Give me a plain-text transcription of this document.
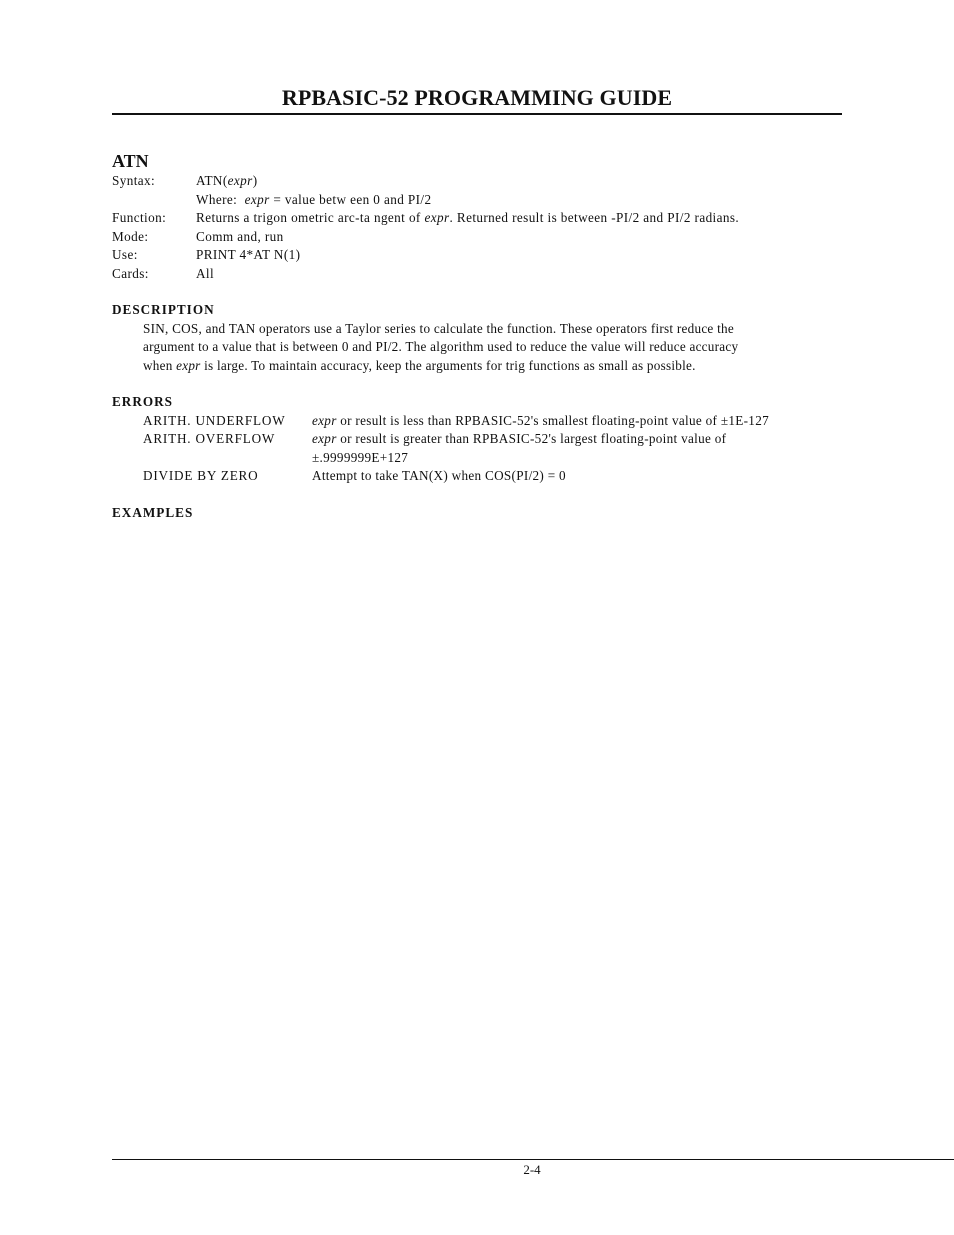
RPBASIC-52 PROGRAMMING GUIDE
ATN
Syntax:	ATN(expr)
Where: expr = value betw een 0 and PI/2
Function:	Returns a trigon ometric arc-ta ngent of expr. Returned result is between -PI/2 and PI/2 radians.
Mode:	Comm and, run
Use:	PRINT 4*AT N(1)
Cards:	All
DESCRIPTION
SIN, COS, and TAN operators use a Taylor series to calculate the function. These operators first reduce the
argument to a value that is between 0 and PI/2. The algorithm used to reduce the value will reduce accuracy
when expr is large. To maintain accuracy, keep the arguments for trig functions as small as possible.
ERRORS
ARITH. UNDERFLOW	expr or result is less than RPBASIC-52's smallest floating-point value of ±1E-127
ARITH. OVERFLOW	expr or result is greater than RPBASIC-52's largest floating-point value of
±.9999999E+127
DIVIDE BY ZERO	Attempt to take TAN(X) when COS(PI/2) = 0
EXAMPLES
2-4
